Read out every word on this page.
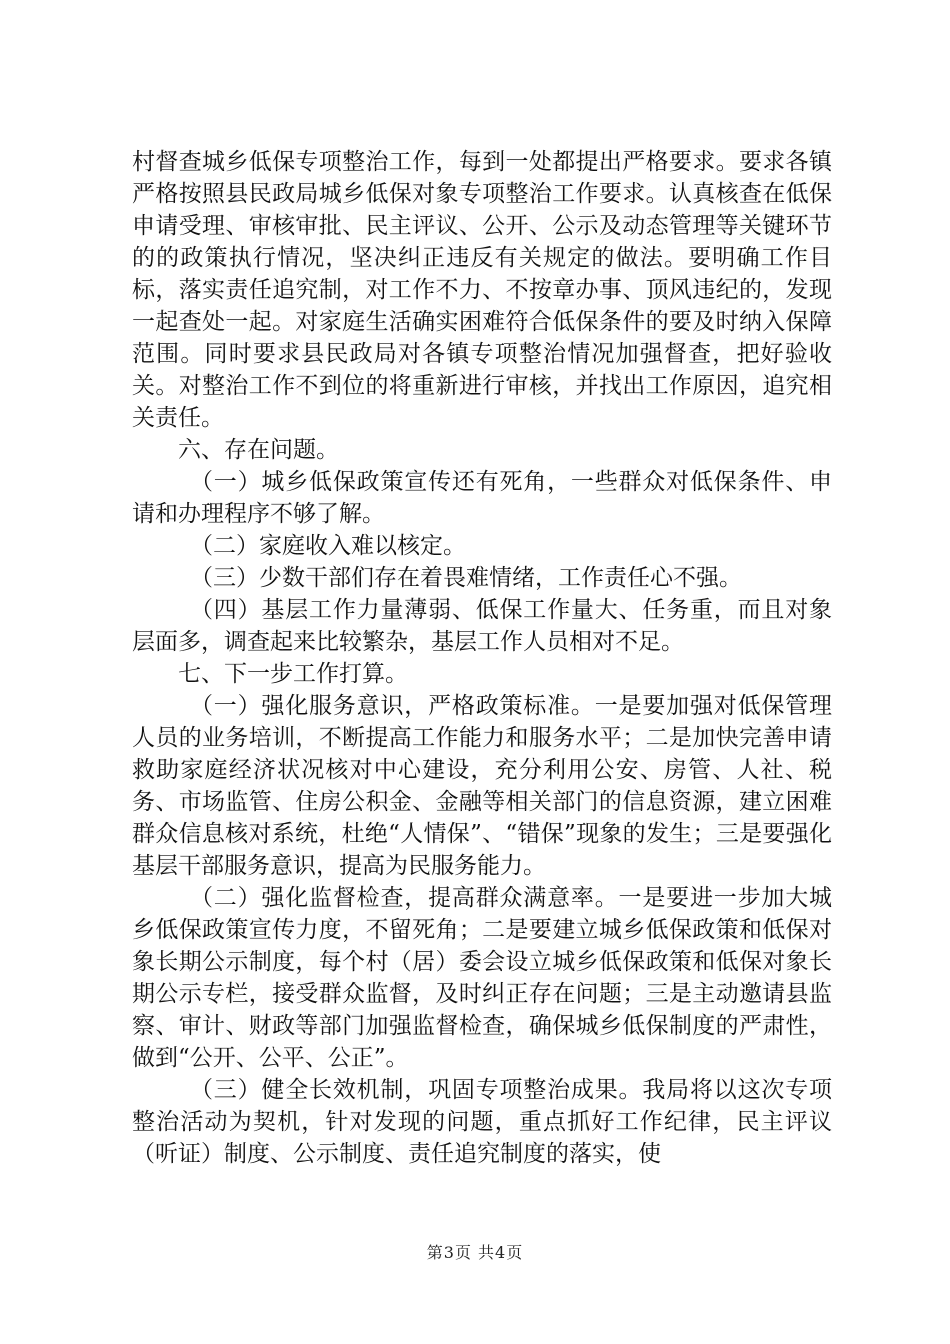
村督查城乡低保专项整治工作，每到一处都提出严格要求。要求各镇严格按照县民政局城乡低保对象专项整治工作要求。认真核查在低保申请受理、审核审批、民主评议、公开、公示及动态管理等关键环节的的政策执行情况，坚决纠正违反有关规定的做法。要明确工作目标，落实责任追究制，对工作不力、不按章办事、顶风违纪的，发现一起查处一起。对家庭生活确实困难符合低保条件的要及时纳入保障范围。同时要求县民政局对各镇专项整治情况加强督查，把好验收关。对整治工作不到位的将重新进行审核，并找出工作原因，追究相关责任。

六、存在问题。

（一）城乡低保政策宣传还有死角，一些群众对低保条件、申请和办理程序不够了解。

（二）家庭收入难以核定。

（三）少数干部们存在着畏难情绪，工作责任心不强。

（四）基层工作力量薄弱、低保工作量大、任务重，而且对象层面多，调查起来比较繁杂，基层工作人员相对不足。

七、下一步工作打算。

（一）强化服务意识，严格政策标准。一是要加强对低保管理人员的业务培训，不断提高工作能力和服务水平；二是加快完善申请救助家庭经济状况核对中心建设，充分利用公安、房管、人社、税务、市场监管、住房公积金、金融等相关部门的信息资源，建立困难群众信息核对系统，杜绝“人情保”、“错保”现象的发生；三是要强化基层干部服务意识，提高为民服务能力。

（二）强化监督检查，提高群众满意率。一是要进一步加大城乡低保政策宣传力度，不留死角；二是要建立城乡低保政策和低保对象长期公示制度，每个村（居）委会设立城乡低保政策和低保对象长期公示专栏，接受群众监督，及时纠正存在问题；三是主动邀请县监察、审计、财政等部门加强监督检查，确保城乡低保制度的严肃性，做到“公开、公平、公正”。

（三）健全长效机制，巩固专项整治成果。我局将以这次专项整治活动为契机，针对发现的问题，重点抓好工作纪律，民主评议（听证）制度、公示制度、责任追究制度的落实，使

第3页 共4页
